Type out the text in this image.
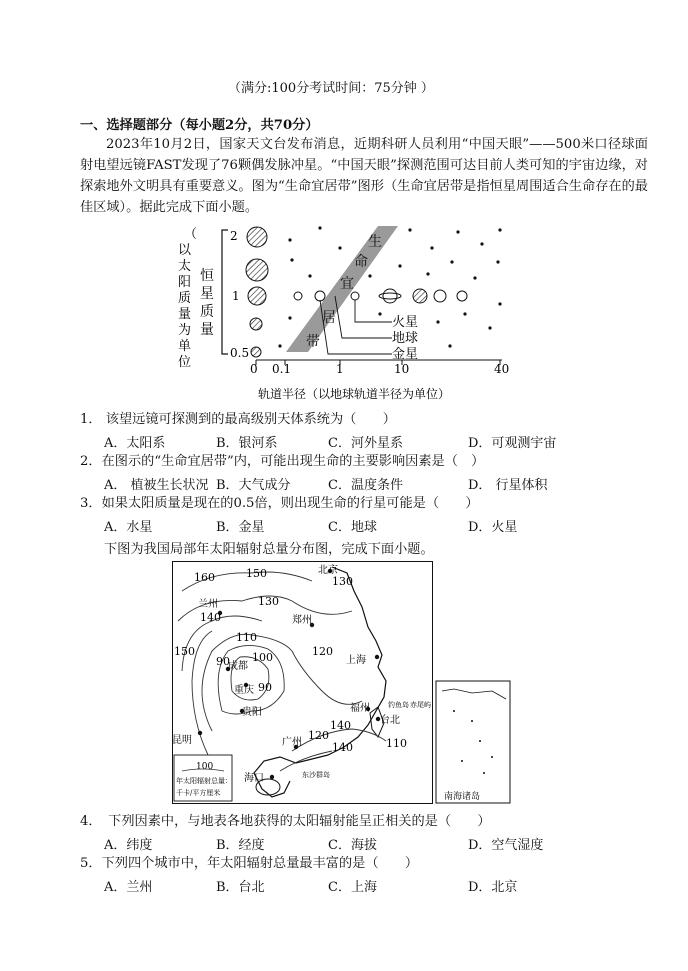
（满分:100分考试时间：75分钟 ）
一、选择题部分（每小题2分，共70分）
2023年10月2日，国家天文台发布消息，近期科研人员利用“中国天眼”——500米口径球面射电望远镜FAST发现了76颗偶发脉冲星。“中国天眼”探测范围可达目前人类可知的宇宙边缘，对探索地外文明具有重要意义。图为“生命宜居带”图形（生命宜居带是指恒星周围适合生命存在的最佳区域）。据此完成下面小题。
（
以
太
阳
质
量
为
单
位
恒
星
质
量
2
1
0.5
0 0.1	1	10	40
轨道半径（以地球轨道半径为单位）
生
命
宜
居
带
火星
地球
金星
1． 该望远镜可探测到的最高级别天体系统为（　　）
A．太阳系	B．银河系	C．河外星系	D．可观测宇宙
2．在图示的“生命宜居带”内，可能出现生命的主要影响因素是（　）
A． 植被生长状况 B．大气成分	C．温度条件	D． 行星体积
3．如果太阳质量是现在的0.5倍，则出现生命的行星可能是（　　）
A．水星	B．金星	C．地球	D．火星
下图为我国局部年太阳辐射总量分布图，完成下面小题。
北京
兰州
郑州
成都
重庆
贵阳
上海
福州
台北
广州
海口
昆明
160	150
140
130
150
110
100
90
90
120
140
110
120
130
140
钓鱼岛 赤尾屿
东沙群岛
100
年太阳辐射总量：
千卡/平方厘米	南海诸岛
4．　下列因素中，与地表各地获得的太阳辐射能呈正相关的是（　　）
A．纬度	B．经度	C．海拔	D．空气湿度
5．下列四个城市中，年太阳辐射总量最丰富的是（　　）
A．兰州	B．台北	C．上海	D．北京
